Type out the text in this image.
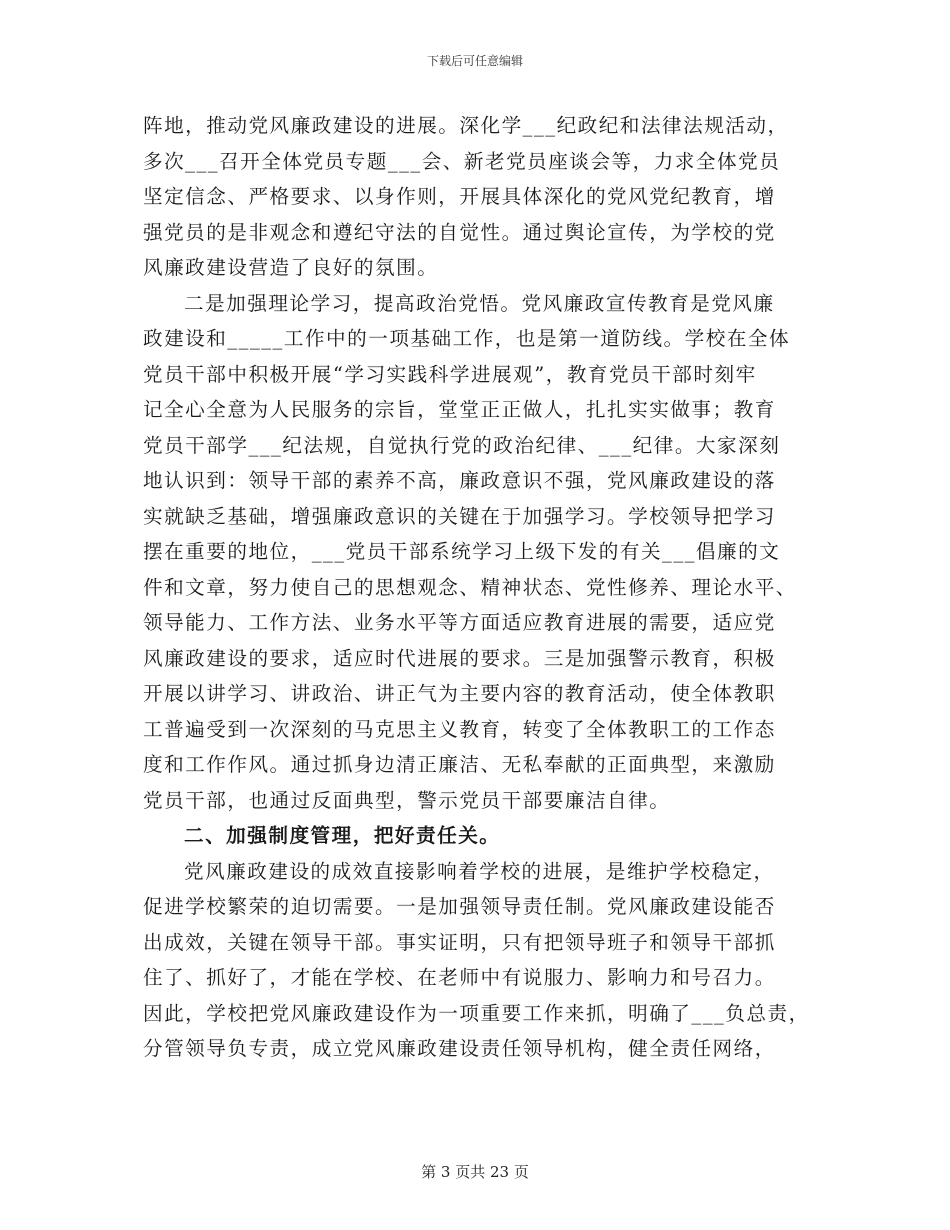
下载后可任意编辑
阵地，推动党风廉政建设的进展。深化学___纪政纪和法律法规活动，
多次___召开全体党员专题___会、新老党员座谈会等，力求全体党员
坚定信念、严格要求、以身作则，开展具体深化的党风党纪教育，增
强党员的是非观念和遵纪守法的自觉性。通过舆论宣传，为学校的党
风廉政建设营造了良好的氛围。
二是加强理论学习，提高政治党悟。党风廉政宣传教育是党风廉
政建设和_____工作中的一项基础工作，也是第一道防线。学校在全体
党员干部中积极开展“学习实践科学进展观”，教育党员干部时刻牢
记全心全意为人民服务的宗旨，堂堂正正做人，扎扎实实做事；教育
党员干部学___纪法规，自觉执行党的政治纪律、___纪律。大家深刻
地认识到：领导干部的素养不高，廉政意识不强，党风廉政建设的落
实就缺乏基础，增强廉政意识的关键在于加强学习。学校领导把学习
摆在重要的地位，___党员干部系统学习上级下发的有关___倡廉的文
件和文章，努力使自己的思想观念、精神状态、党性修养、理论水平、
领导能力、工作方法、业务水平等方面适应教育进展的需要，适应党
风廉政建设的要求，适应时代进展的要求。三是加强警示教育，积极
开展以讲学习、讲政治、讲正气为主要内容的教育活动，使全体教职
工普遍受到一次深刻的马克思主义教育，转变了全体教职工的工作态
度和工作作风。通过抓身边清正廉洁、无私奉献的正面典型，来激励
党员干部，也通过反面典型，警示党员干部要廉洁自律。
二、加强制度管理，把好责任关。
党风廉政建设的成效直接影响着学校的进展，是维护学校稳定，
促进学校繁荣的迫切需要。一是加强领导责任制。党风廉政建设能否
出成效，关键在领导干部。事实证明，只有把领导班子和领导干部抓
住了、抓好了，才能在学校、在老师中有说服力、影响力和号召力。
因此，学校把党风廉政建设作为一项重要工作来抓，明确了___负总责，
分管领导负专责，成立党风廉政建设责任领导机构，健全责任网络，
第 3 页共 23 页
